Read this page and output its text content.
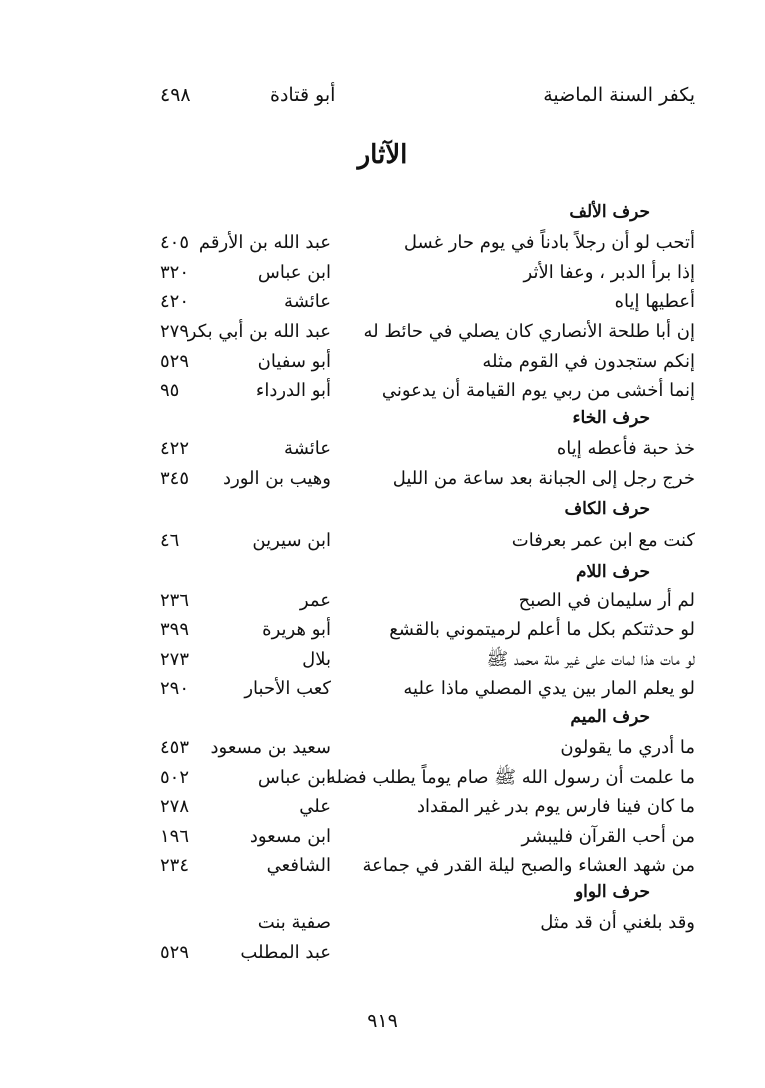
يكفر السنة الماضية
أبو قتادة
٤٩٨
الآثار
حرف الألف
أتحب لو أن رجلاً بادناً في يوم حار غسل
عبد الله بن الأرقم
٤٠٥
إذا برأ الدبر ، وعفا الأثر
ابن عباس
٣٢٠
أعطيها إياه
عائشة
٤٢٠
إن أبا طلحة الأنصاري كان يصلي في حائط له
عبد الله بن أبي بكر
٢٧٩
إنكم ستجدون في القوم مثله
أبو سفيان
٥٢٩
إنما أخشى من ربي يوم القيامة أن يدعوني
أبو الدرداء
٩٥
حرف الخاء
خذ حبة فأعطه إياه
عائشة
٤٢٢
خرج رجل إلى الجبانة بعد ساعة من الليل
وهيب بن الورد
٣٤٥
حرف الكاف
كنت مع ابن عمر بعرفات
ابن سيرين
٤٦
حرف اللام
لم أر سليمان في الصبح
عمر
٢٣٦
لو حدثتكم بكل ما أعلم لرميتموني بالقشع
أبو هريرة
٣٩٩
لو مات هذا لمات على غير ملة محمد ﷺ
بلال
٢٧٣
لو يعلم المار بين يدي المصلي ماذا عليه
كعب الأحبار
٢٩٠
حرف الميم
ما أدري ما يقولون
سعيد بن مسعود
٤٥٣
ما علمت أن رسول الله ﷺ صام يوماً يطلب فضله
ابن عباس
٥٠٢
ما كان فينا فارس يوم بدر غير المقداد
علي
٢٧٨
من أحب القرآن فليبشر
ابن مسعود
١٩٦
من شهد العشاء والصبح ليلة القدر في جماعة
الشافعي
٢٣٤
حرف الواو
وقد بلغني أن قد مثل
صفية بنت
عبد المطلب
٥٢٩
٩١٩
